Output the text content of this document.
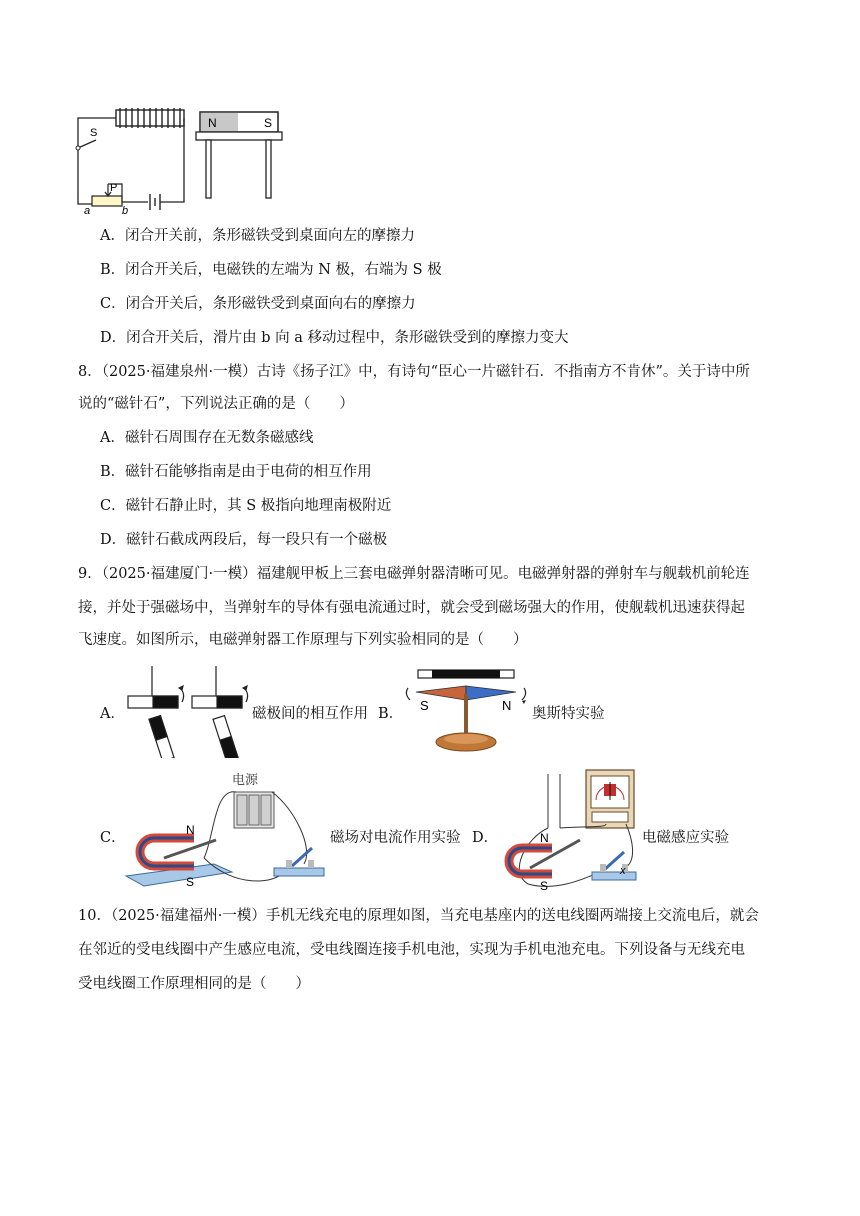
S
P
a	b
N	S
A．闭合开关前，条形磁铁受到桌面向左的摩擦力
B．闭合开关后，电磁铁的左端为 N 极，右端为 S 极
C．闭合开关后，条形磁铁受到桌面向右的摩擦力
D．闭合开关后，滑片由 b 向 a 移动过程中，条形磁铁受到的摩擦力变大
8．（2025·福建泉州·一模）古诗《扬子江》中，有诗句“臣心一片磁针石．不指南方不肯休”。关于诗中所
说的“磁针石”，下列说法正确的是（　　）
A．磁针石周围存在无数条磁感线
B．磁针石能够指南是由于电荷的相互作用
C．磁针石静止时，其 S 极指向地理南极附近
D．磁针石截成两段后，每一段只有一个磁极
9．（2025·福建厦门·一模）福建舰甲板上三套电磁弹射器清晰可见。电磁弹射器的弹射车与舰载机前轮连
接，并处于强磁场中，当弹射车的导体有强电流通过时，就会受到磁场强大的作用，使舰载机迅速获得起
飞速度。如图所示，电磁弹射器工作原理与下列实验相同的是（　　）
A．	磁极间的相互作用 B．
S	N
奥斯特实验
C．
电源
N
S
磁场对电流作用实验 D．	N
S
x
电磁感应实验
10．（2025·福建福州·一模）手机无线充电的原理如图，当充电基座内的送电线圈两端接上交流电后，就会
在邻近的受电线圈中产生感应电流，受电线圈连接手机电池，实现为手机电池充电。下列设备与无线充电
受电线圈工作原理相同的是（　　）
